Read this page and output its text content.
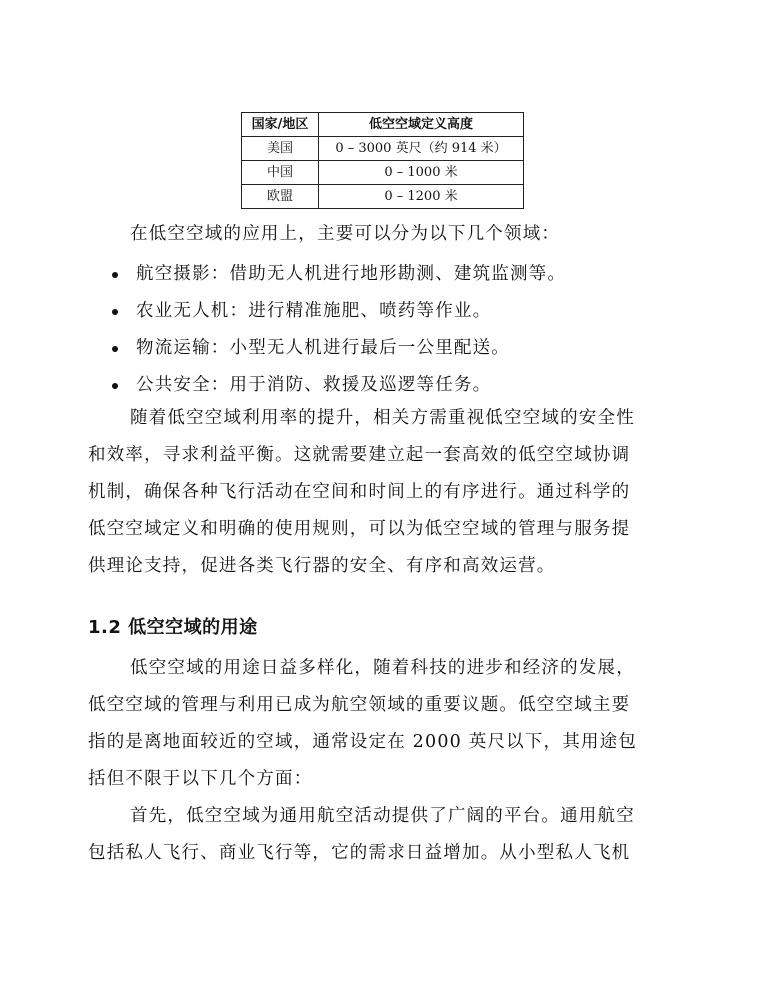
国家/地区	低空空域定义高度
美国	0 – 3000 英尺（约 914 米）
中国	0 – 1000 米
欧盟	0 – 1200 米
在低空空域的应用上，主要可以分为以下几个领域：
航空摄影：借助无人机进行地形勘测、建筑监测等。
农业无人机：进行精准施肥、喷药等作业。
物流运输：小型无人机进行最后一公里配送。
公共安全：用于消防、救援及巡逻等任务。
随着低空空域利用率的提升，相关方需重视低空空域的安全性
和效率，寻求利益平衡。这就需要建立起一套高效的低空空域协调
机制，确保各种飞行活动在空间和时间上的有序进行。通过科学的
低空空域定义和明确的使用规则，可以为低空空域的管理与服务提
供理论支持，促进各类飞行器的安全、有序和高效运营。
1.2 低空空域的用途
低空空域的用途日益多样化，随着科技的进步和经济的发展，
低空空域的管理与利用已成为航空领域的重要议题。低空空域主要
指的是离地面较近的空域，通常设定在 2000 英尺以下，其用途包
括但不限于以下几个方面：
首先，低空空域为通用航空活动提供了广阔的平台。通用航空
包括私人飞行、商业飞行等，它的需求日益增加。从小型私人飞机
